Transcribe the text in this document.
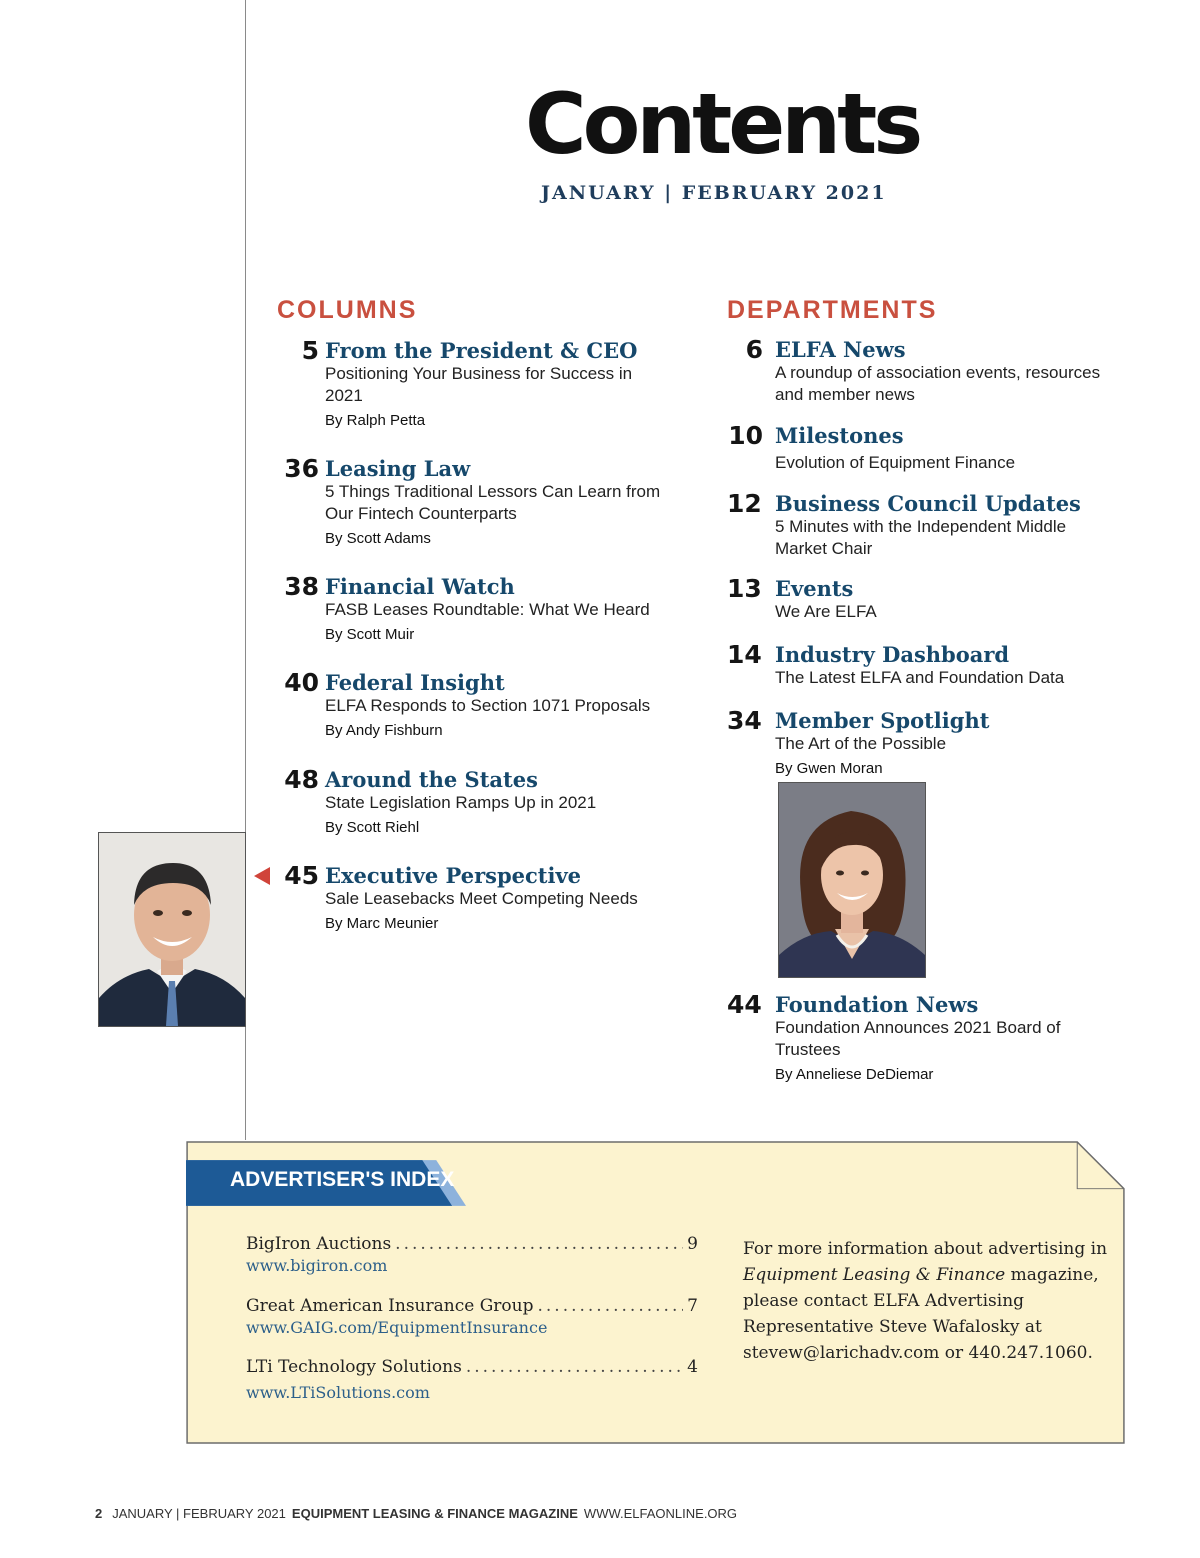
Contents
JANUARY | FEBRUARY 2021
COLUMNS
5 From the President & CEO
Positioning Your Business for Success in 2021
By Ralph Petta
36 Leasing Law
5 Things Traditional Lessors Can Learn from Our Fintech Counterparts
By Scott Adams
38 Financial Watch
FASB Leases Roundtable: What We Heard
By Scott Muir
40 Federal Insight
ELFA Responds to Section 1071 Proposals
By Andy Fishburn
48 Around the States
State Legislation Ramps Up in 2021
By Scott Riehl
45 Executive Perspective
Sale Leasebacks Meet Competing Needs
By Marc Meunier
DEPARTMENTS
6 ELFA News
A roundup of association events, resources and member news
10 Milestones
Evolution of Equipment Finance
12 Business Council Updates
5 Minutes with the Independent Middle Market Chair
13 Events
We Are ELFA
14 Industry Dashboard
The Latest ELFA and Foundation Data
34 Member Spotlight
The Art of the Possible
By Gwen Moran
44 Foundation News
Foundation Announces 2021 Board of Trustees
By Anneliese DeDiemar
ADVERTISER'S INDEX
BigIron Auctions .....	9
www.bigiron.com
Great American Insurance Group .....	7
www.GAIG.com/EquipmentInsurance
LTi Technology Solutions .....	4
www.LTiSolutions.com
For more information about advertising in Equipment Leasing & Finance magazine, please contact ELFA Advertising Representative Steve Wafalosky at stevew@larichadv.com or 440.247.1060.
2 JANUARY | FEBRUARY 2021 EQUIPMENT LEASING & FINANCE MAGAZINE WWW.ELFAONLINE.ORG
